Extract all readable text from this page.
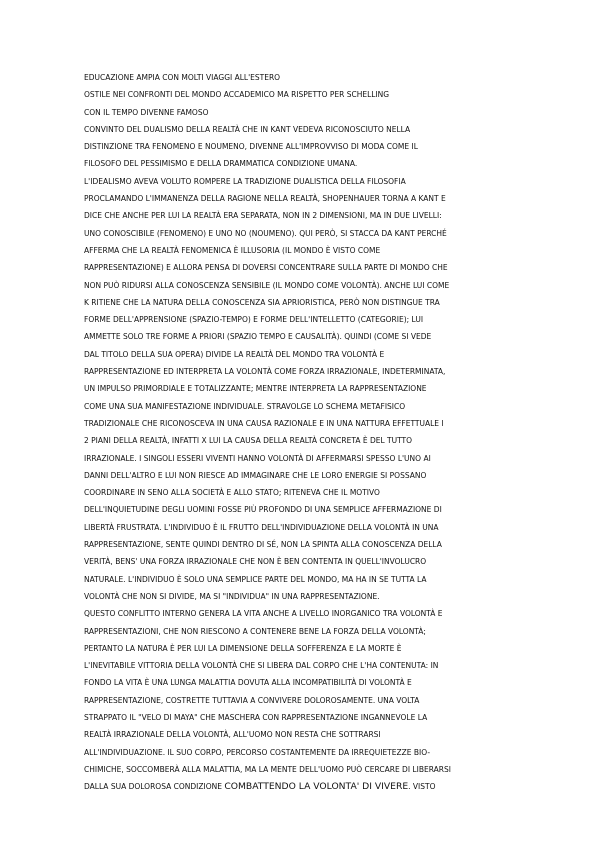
EDUCAZIONE AMPIA CON MOLTI VIAGGI ALL'ESTERO
OSTILE NEI CONFRONTI DEL MONDO ACCADEMICO MA RISPETTO PER SCHELLING
CON IL TEMPO DIVENNE FAMOSO
CONVINTO DEL DUALISMO DELLA REALTÀ CHE IN KANT VEDEVA RICONOSCIUTO NELLA
DISTINZIONE TRA FENOMENO E NOUMENO, DIVENNE ALL'IMPROVVISO DI MODA COME IL
FILOSOFO DEL PESSIMISMO E DELLA DRAMMATICA CONDIZIONE UMANA.
L'IDEALISMO AVEVA VOLUTO ROMPERE LA TRADIZIONE DUALISTICA DELLA FILOSOFIA
PROCLAMANDO L'IMMANENZA DELLA RAGIONE NELLA REALTÀ, SHOPENHAUER TORNA A KANT E
DICE CHE ANCHE PER LUI LA REALTÀ ERA SEPARATA, NON IN 2 DIMENSIONI, MA IN DUE LIVELLI:
UNO CONOSCIBILE (FENOMENO) E UNO NO (NOUMENO). QUI PERÒ, SI STACCA DA KANT PERCHÉ
AFFERMA CHE LA REALTÀ FENOMENICA È ILLUSORIA (IL MONDO È VISTO COME
RAPPRESENTAZIONE) E ALLORA PENSA DI DOVERSI CONCENTRARE SULLA PARTE DI MONDO CHE
NON PUÒ RIDURSI ALLA CONOSCENZA SENSIBILE (IL MONDO COME VOLONTÀ). ANCHE LUI COME
K RITIENE CHE LA NATURA DELLA CONOSCENZA SIA APRIORISTICA, PERÒ NON DISTINGUE TRA
FORME DELL'APPRENSIONE (SPAZIO-TEMPO) E FORME DELL'INTELLETTO (CATEGORIE); LUI
AMMETTE SOLO TRE FORME A PRIORI (SPAZIO TEMPO E CAUSALITÀ). QUINDI (COME SI VEDE
DAL TITOLO DELLA SUA OPERA) DIVIDE LA REALTÀ DEL MONDO TRA VOLONTÀ E
RAPPRESENTAZIONE ED INTERPRETA LA VOLONTÀ COME FORZA IRRAZIONALE, INDETERMINATA,
UN IMPULSO PRIMORDIALE E TOTALIZZANTE; MENTRE INTERPRETA LA RAPPRESENTAZIONE
COME UNA SUA MANIFESTAZIONE INDIVIDUALE. STRAVOLGE LO SCHEMA METAFISICO
TRADIZIONALE CHE RICONOSCEVA IN UNA CAUSA RAZIONALE E IN UNA NATTURA EFFETTUALE I
2 PIANI DELLA REALTÀ, INFATTI X LUI LA CAUSA DELLA REALTÀ CONCRETA È DEL TUTTO
IRRAZIONALE. I SINGOLI ESSERI VIVENTI HANNO VOLONTÀ DI AFFERMARSI SPESSO L'UNO AI
DANNI DELL'ALTRO E LUI NON RIESCE AD IMMAGINARE CHE LE LORO ENERGIE SI POSSANO
COORDINARE IN SENO ALLA SOCIETÀ E ALLO STATO; RITENEVA CHE IL MOTIVO
DELL'INQUIETUDINE DEGLI UOMINI FOSSE PIÙ PROFONDO DI UNA SEMPLICE AFFERMAZIONE DI
LIBERTÀ FRUSTRATA. L'INDIVIDUO È IL FRUTTO DELL'INDIVIDUAZIONE DELLA VOLONTÀ IN UNA
RAPPRESENTAZIONE, SENTE QUINDI DENTRO DI SÉ, NON LA SPINTA ALLA CONOSCENZA DELLA
VERITÀ, BENS' UNA FORZA IRRAZIONALE CHE NON È BEN CONTENTA IN QUELL'INVOLUCRO
NATURALE. L'INDIVIDUO È SOLO UNA SEMPLICE PARTE DEL MONDO, MA HA IN SE TUTTA LA
VOLONTÀ CHE NON SI DIVIDE, MA SI "INDIVIDUA" IN UNA RAPPRESENTAZIONE.
QUESTO CONFLITTO INTERNO GENERA LA VITA ANCHE A LIVELLO INORGANICO TRA VOLONTÀ E
RAPPRESENTAZIONI, CHE NON RIESCONO A CONTENERE BENE LA FORZA DELLA VOLONTÀ;
PERTANTO LA NATURA È PER LUI LA DIMENSIONE DELLA SOFFERENZA E LA MORTE È
L'INEVITABILE VITTORIA DELLA VOLONTÀ CHE SI LIBERA DAL CORPO CHE L'HA CONTENUTA: IN
FONDO LA VITA È UNA LUNGA MALATTIA DOVUTA ALLA INCOMPATIBILITÀ DI VOLONTÀ E
RAPPRESENTAZIONE, COSTRETTE TUTTAVIA A CONVIVERE DOLOROSAMENTE. UNA VOLTA
STRAPPATO IL "VELO DI MAYA" CHE MASCHERA CON RAPPRESENTAZIONE INGANNEVOLE LA
REALTÀ IRRAZIONALE DELLA VOLONTÀ, ALL'UOMO NON RESTA CHE SOTTRARSI
ALL'INDIVIDUAZIONE. IL SUO CORPO, PERCORSO COSTANTEMENTE DA IRREQUIETEZZE BIO-
CHIMICHE, SOCCOMBERÀ ALLA MALATTIA, MA LA MENTE DELL'UOMO PUÒ CERCARE DI LIBERARSI
DALLA SUA DOLOROSA CONDIZIONE COMBATTENDO LA VOLONTA' DI VIVERE. VISTO
